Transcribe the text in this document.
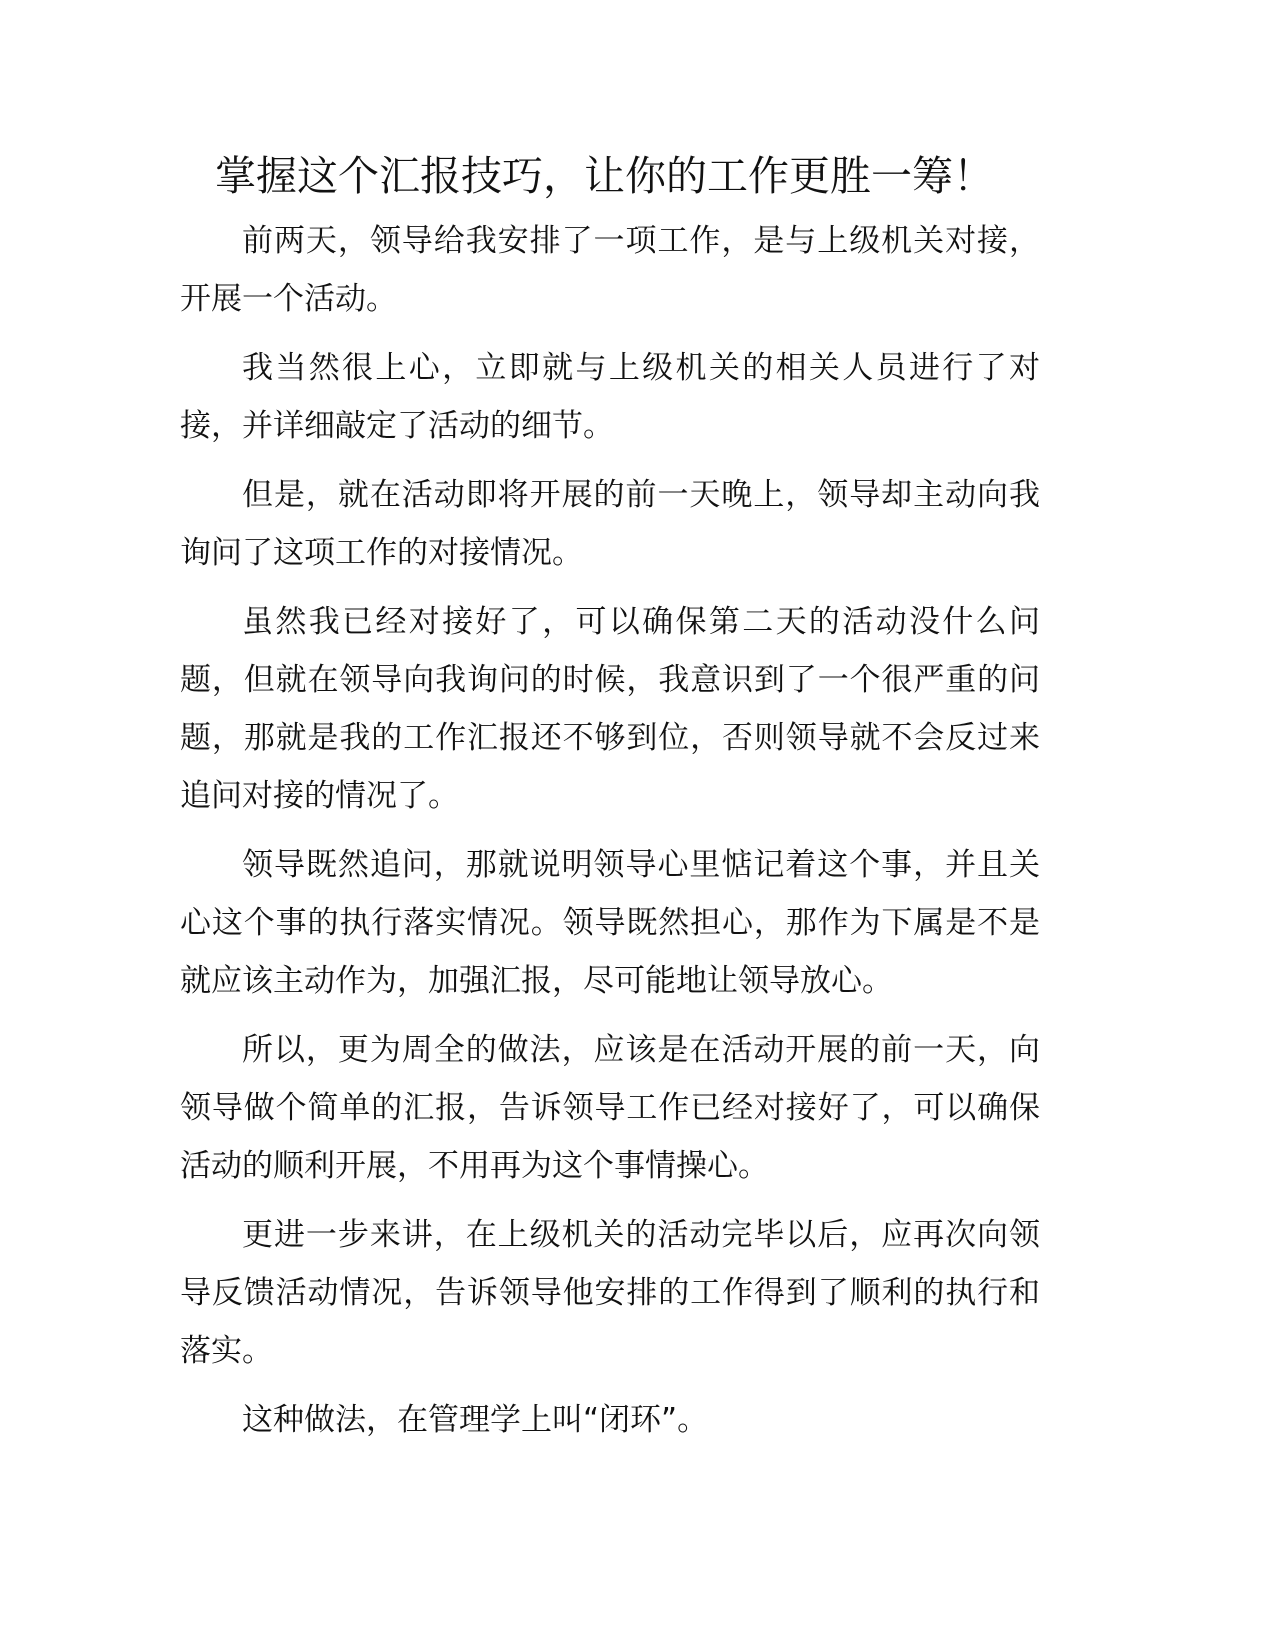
掌握这个汇报技巧，让你的工作更胜一筹！

前两天，领导给我安排了一项工作，是与上级机关对接，开展一个活动。

我当然很上心，立即就与上级机关的相关人员进行了对接，并详细敲定了活动的细节。

但是，就在活动即将开展的前一天晚上，领导却主动向我询问了这项工作的对接情况。

虽然我已经对接好了，可以确保第二天的活动没什么问题，但就在领导向我询问的时候，我意识到了一个很严重的问题，那就是我的工作汇报还不够到位，否则领导就不会反过来追问对接的情况了。

领导既然追问，那就说明领导心里惦记着这个事，并且关心这个事的执行落实情况。领导既然担心，那作为下属是不是就应该主动作为，加强汇报，尽可能地让领导放心。

所以，更为周全的做法，应该是在活动开展的前一天，向领导做个简单的汇报，告诉领导工作已经对接好了，可以确保活动的顺利开展，不用再为这个事情操心。

更进一步来讲，在上级机关的活动完毕以后，应再次向领导反馈活动情况，告诉领导他安排的工作得到了顺利的执行和落实。

这种做法，在管理学上叫“闭环”。
